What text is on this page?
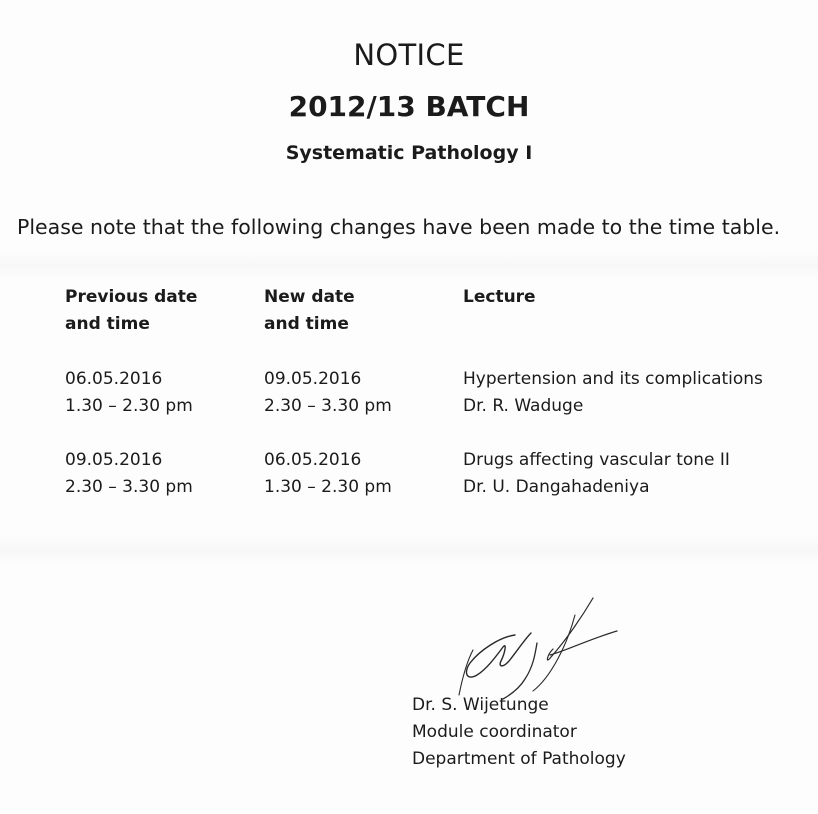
NOTICE
2012/13 BATCH
Systematic Pathology I
Please note that the following changes have been made to the time table.
Previous date
and time
New date
and time
Lecture
06.05.2016
1.30 – 2.30 pm
09.05.2016
2.30 – 3.30 pm
Hypertension and its complications
Dr. R. Waduge
09.05.2016
2.30 – 3.30 pm
06.05.2016
1.30 – 2.30 pm
Drugs affecting vascular tone II
Dr. U. Dangahadeniya
Dr. S. Wijetunge
Module coordinator
Department of Pathology
